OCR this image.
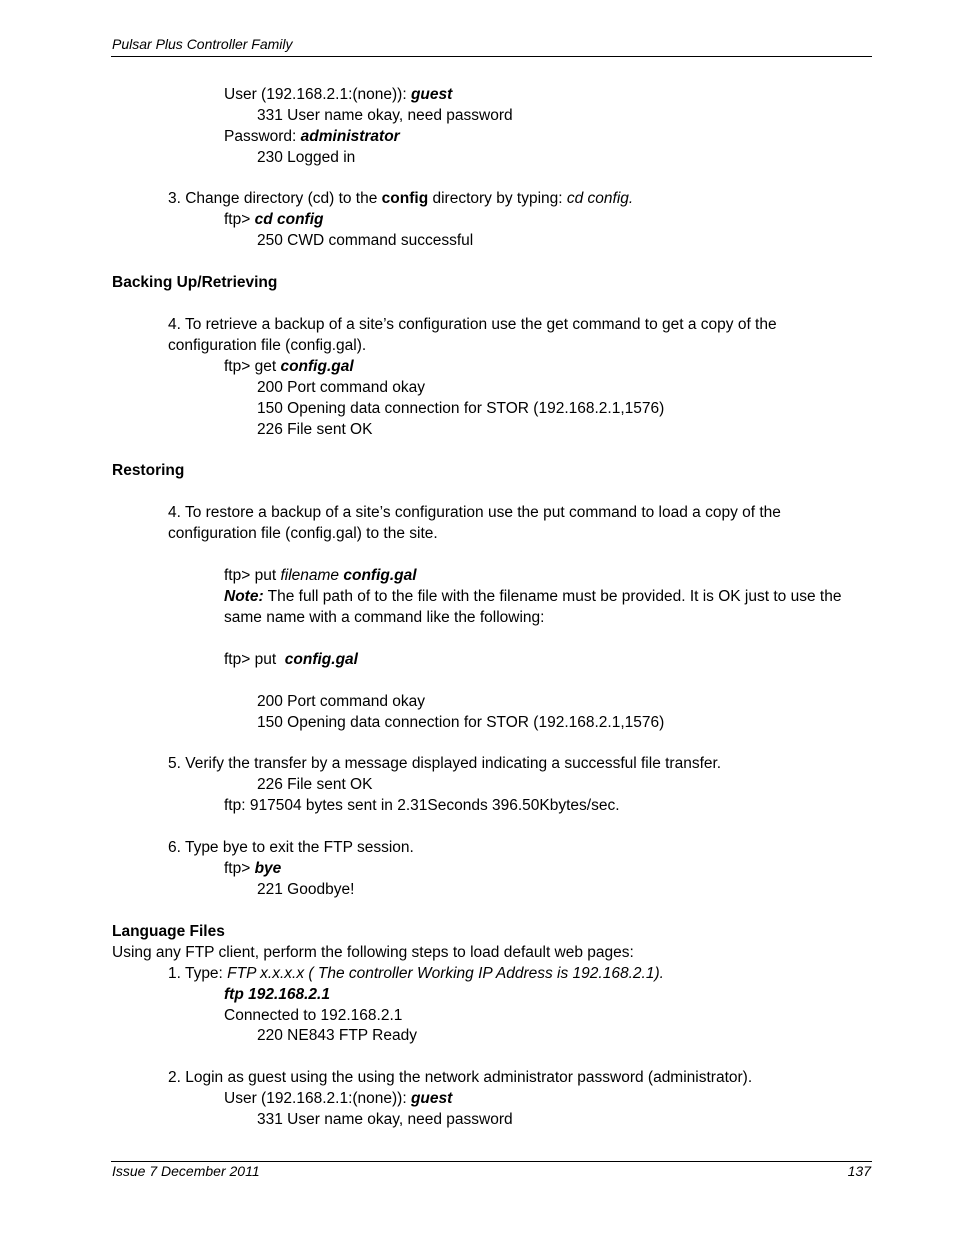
Pulsar Plus Controller Family
User (192.168.2.1:(none)): guest
331 User name okay, need password
Password: administrator
230 Logged in
3. Change directory (cd) to the config directory by typing: cd config.
ftp> cd config
250 CWD command successful
Backing Up/Retrieving
4. To retrieve a backup of a site’s configuration use the get command to get a copy of the
configuration file (config.gal).
ftp> get config.gal
200 Port command okay
150 Opening data connection for STOR (192.168.2.1,1576)
226 File sent OK
Restoring
4. To restore a backup of a site’s configuration use the put command to load a copy of the
configuration file (config.gal) to the site.
ftp> put filename config.gal
Note: The full path of to the file with the filename must be provided. It is OK just to use the
same name with a command like the following:
ftp> put  config.gal
200 Port command okay
150 Opening data connection for STOR (192.168.2.1,1576)
5. Verify the transfer by a message displayed indicating a successful file transfer.
226 File sent OK
ftp: 917504 bytes sent in 2.31Seconds 396.50Kbytes/sec.
6. Type bye to exit the FTP session.
ftp> bye
221 Goodbye!
Language Files
Using any FTP client, perform the following steps to load default web pages:
1. Type: FTP x.x.x.x ( The controller Working IP Address is 192.168.2.1).
ftp 192.168.2.1
Connected to 192.168.2.1
220 NE843 FTP Ready
2. Login as guest using the using the network administrator password (administrator).
User (192.168.2.1:(none)): guest
331 User name okay, need password
Issue 7 December 2011	137
